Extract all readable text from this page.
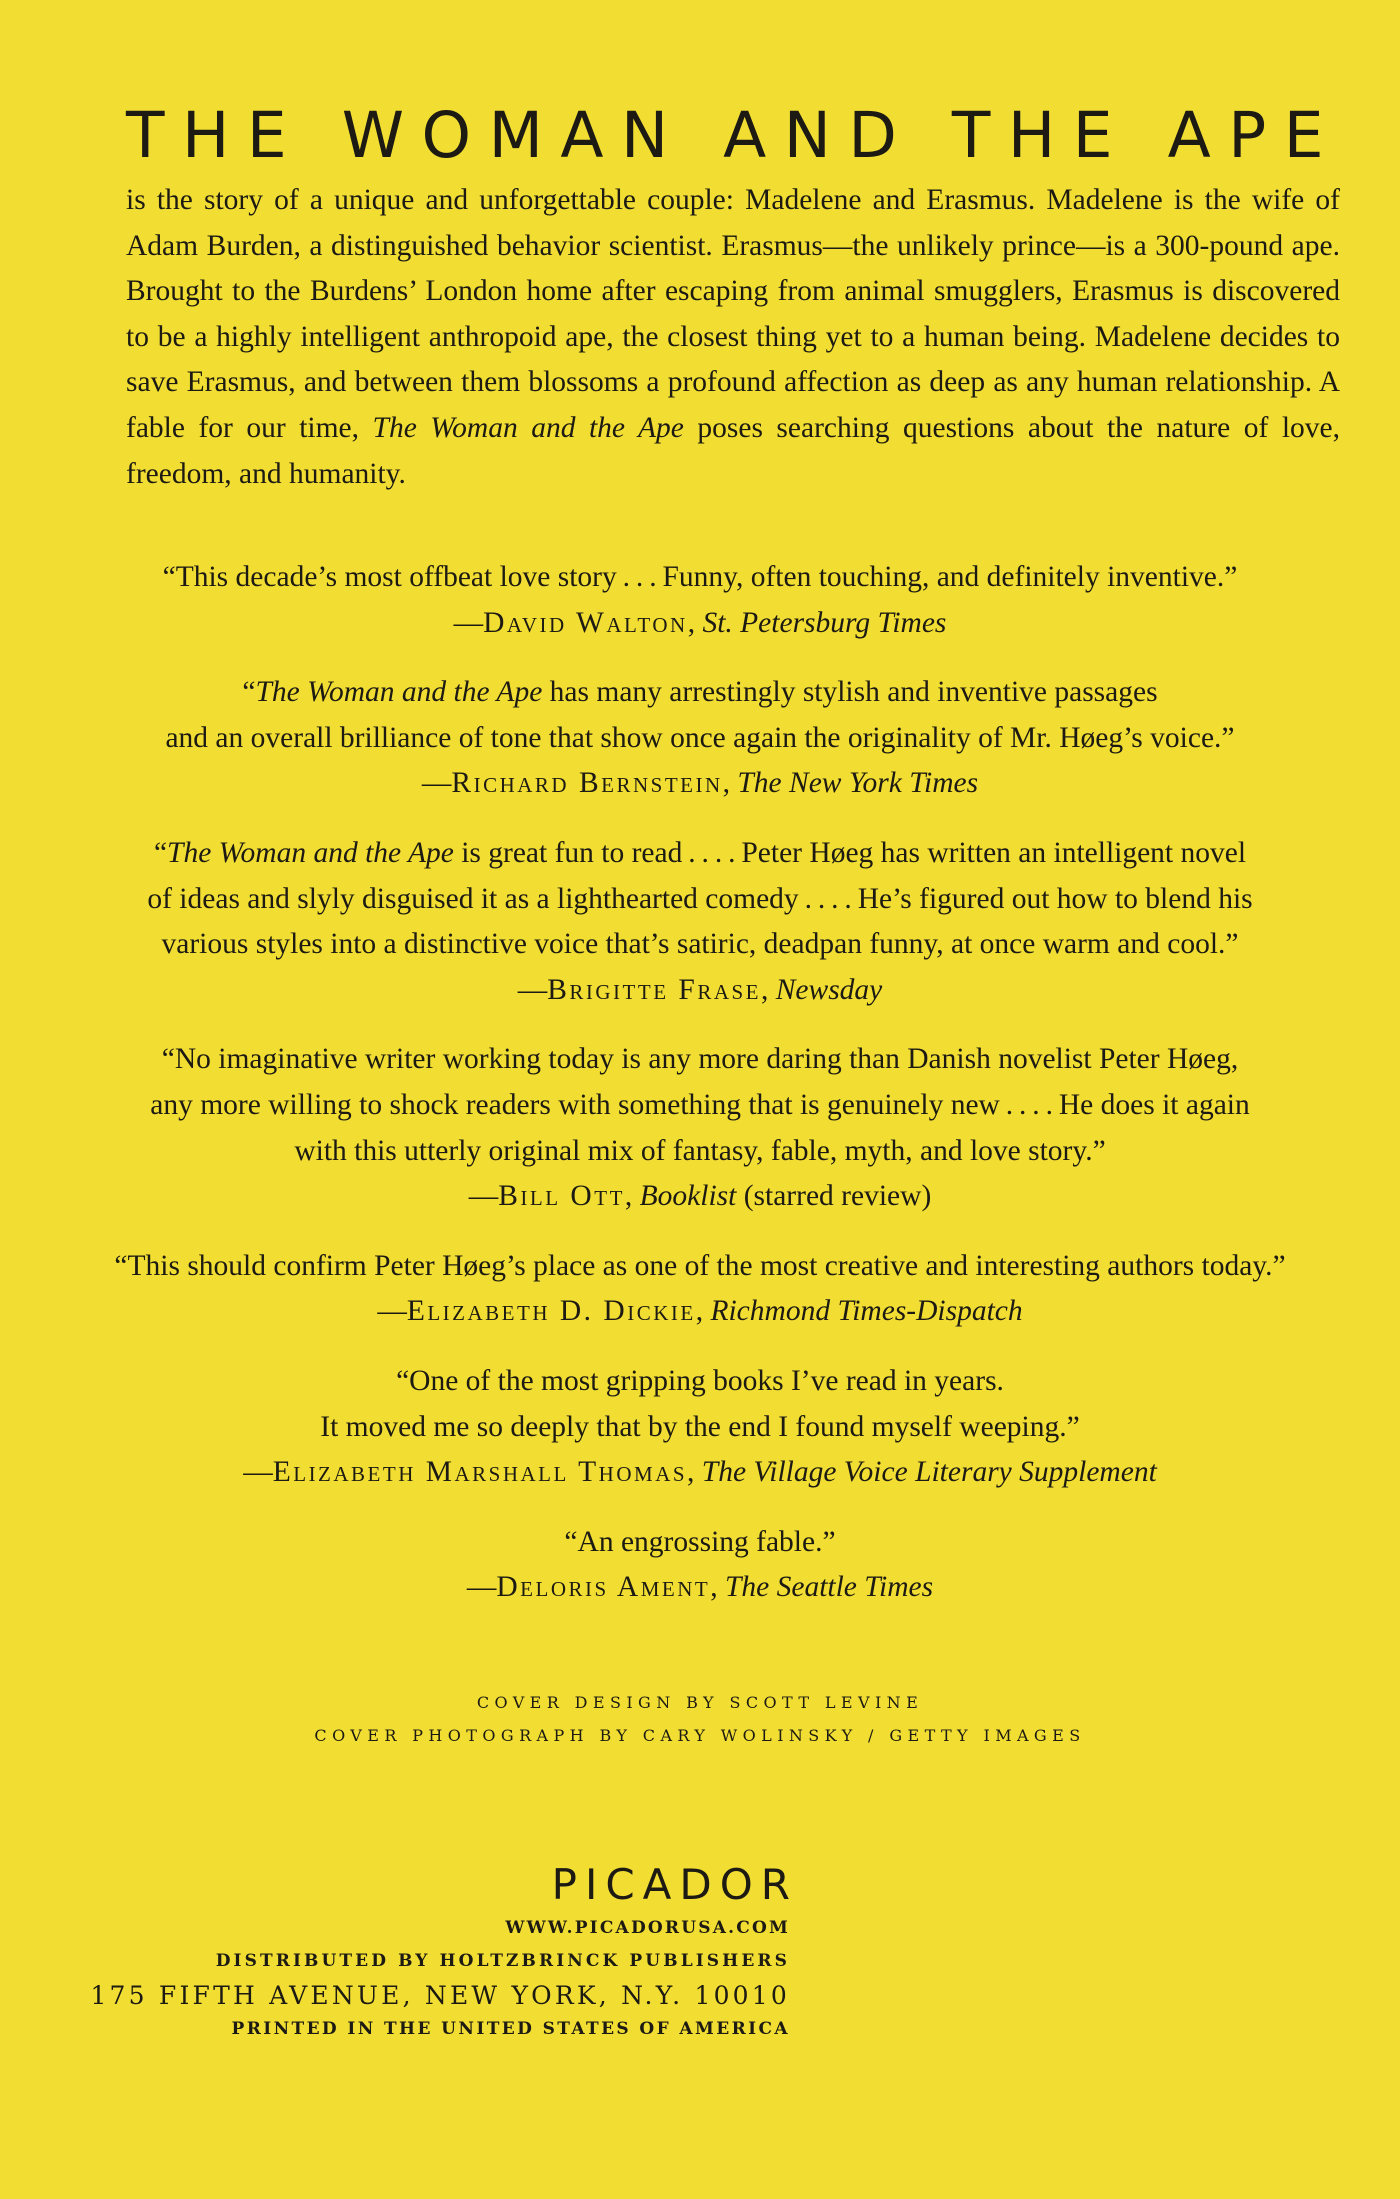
THE WOMAN AND THE APE

is the story of a unique and unforgettable couple: Madelene and Erasmus. Madelene is the wife of Adam Burden, a distinguished behavior scientist. Erasmus—the unlikely prince—is a 300-pound ape. Brought to the Burdens’ London home after escaping from animal smugglers, Erasmus is discovered to be a highly intelligent anthropoid ape, the closest thing yet to a human being. Madelene decides to save Erasmus, and between them blossoms a profound affection as deep as any human relationship. A fable for our time, The Woman and the Ape poses searching questions about the nature of love, freedom, and humanity.

“This decade’s most offbeat love story . . . Funny, often touching, and definitely inventive.”
—David Walton, St. Petersburg Times
“The Woman and the Ape has many arrestingly stylish and inventive passages
and an overall brilliance of tone that show once again the originality of Mr. Høeg’s voice.”
—Richard Bernstein, The New York Times
“The Woman and the Ape is great fun to read . . . . Peter Høeg has written an intelligent novel
of ideas and slyly disguised it as a lighthearted comedy . . . . He’s figured out how to blend his
various styles into a distinctive voice that’s satiric, deadpan funny, at once warm and cool.”
—Brigitte Frase, Newsday
“No imaginative writer working today is any more daring than Danish novelist Peter Høeg,
any more willing to shock readers with something that is genuinely new . . . . He does it again
with this utterly original mix of fantasy, fable, myth, and love story.”
—Bill Ott, Booklist (starred review)
“This should confirm Peter Høeg’s place as one of the most creative and interesting authors today.”
—Elizabeth D. Dickie, Richmond Times-Dispatch
“One of the most gripping books I’ve read in years.
It moved me so deeply that by the end I found myself weeping.”
—Elizabeth Marshall Thomas, The Village Voice Literary Supplement
“An engrossing fable.”
—Deloris Ament, The Seattle Times
COVER DESIGN BY SCOTT LEVINE
COVER PHOTOGRAPH BY CARY WOLINSKY / GETTY IMAGES
PICADOR
WWW.PICADORUSA.COM
DISTRIBUTED BY HOLTZBRINCK PUBLISHERS
175 FIFTH AVENUE, NEW YORK, N.Y. 10010
PRINTED IN THE UNITED STATES OF AMERICA
